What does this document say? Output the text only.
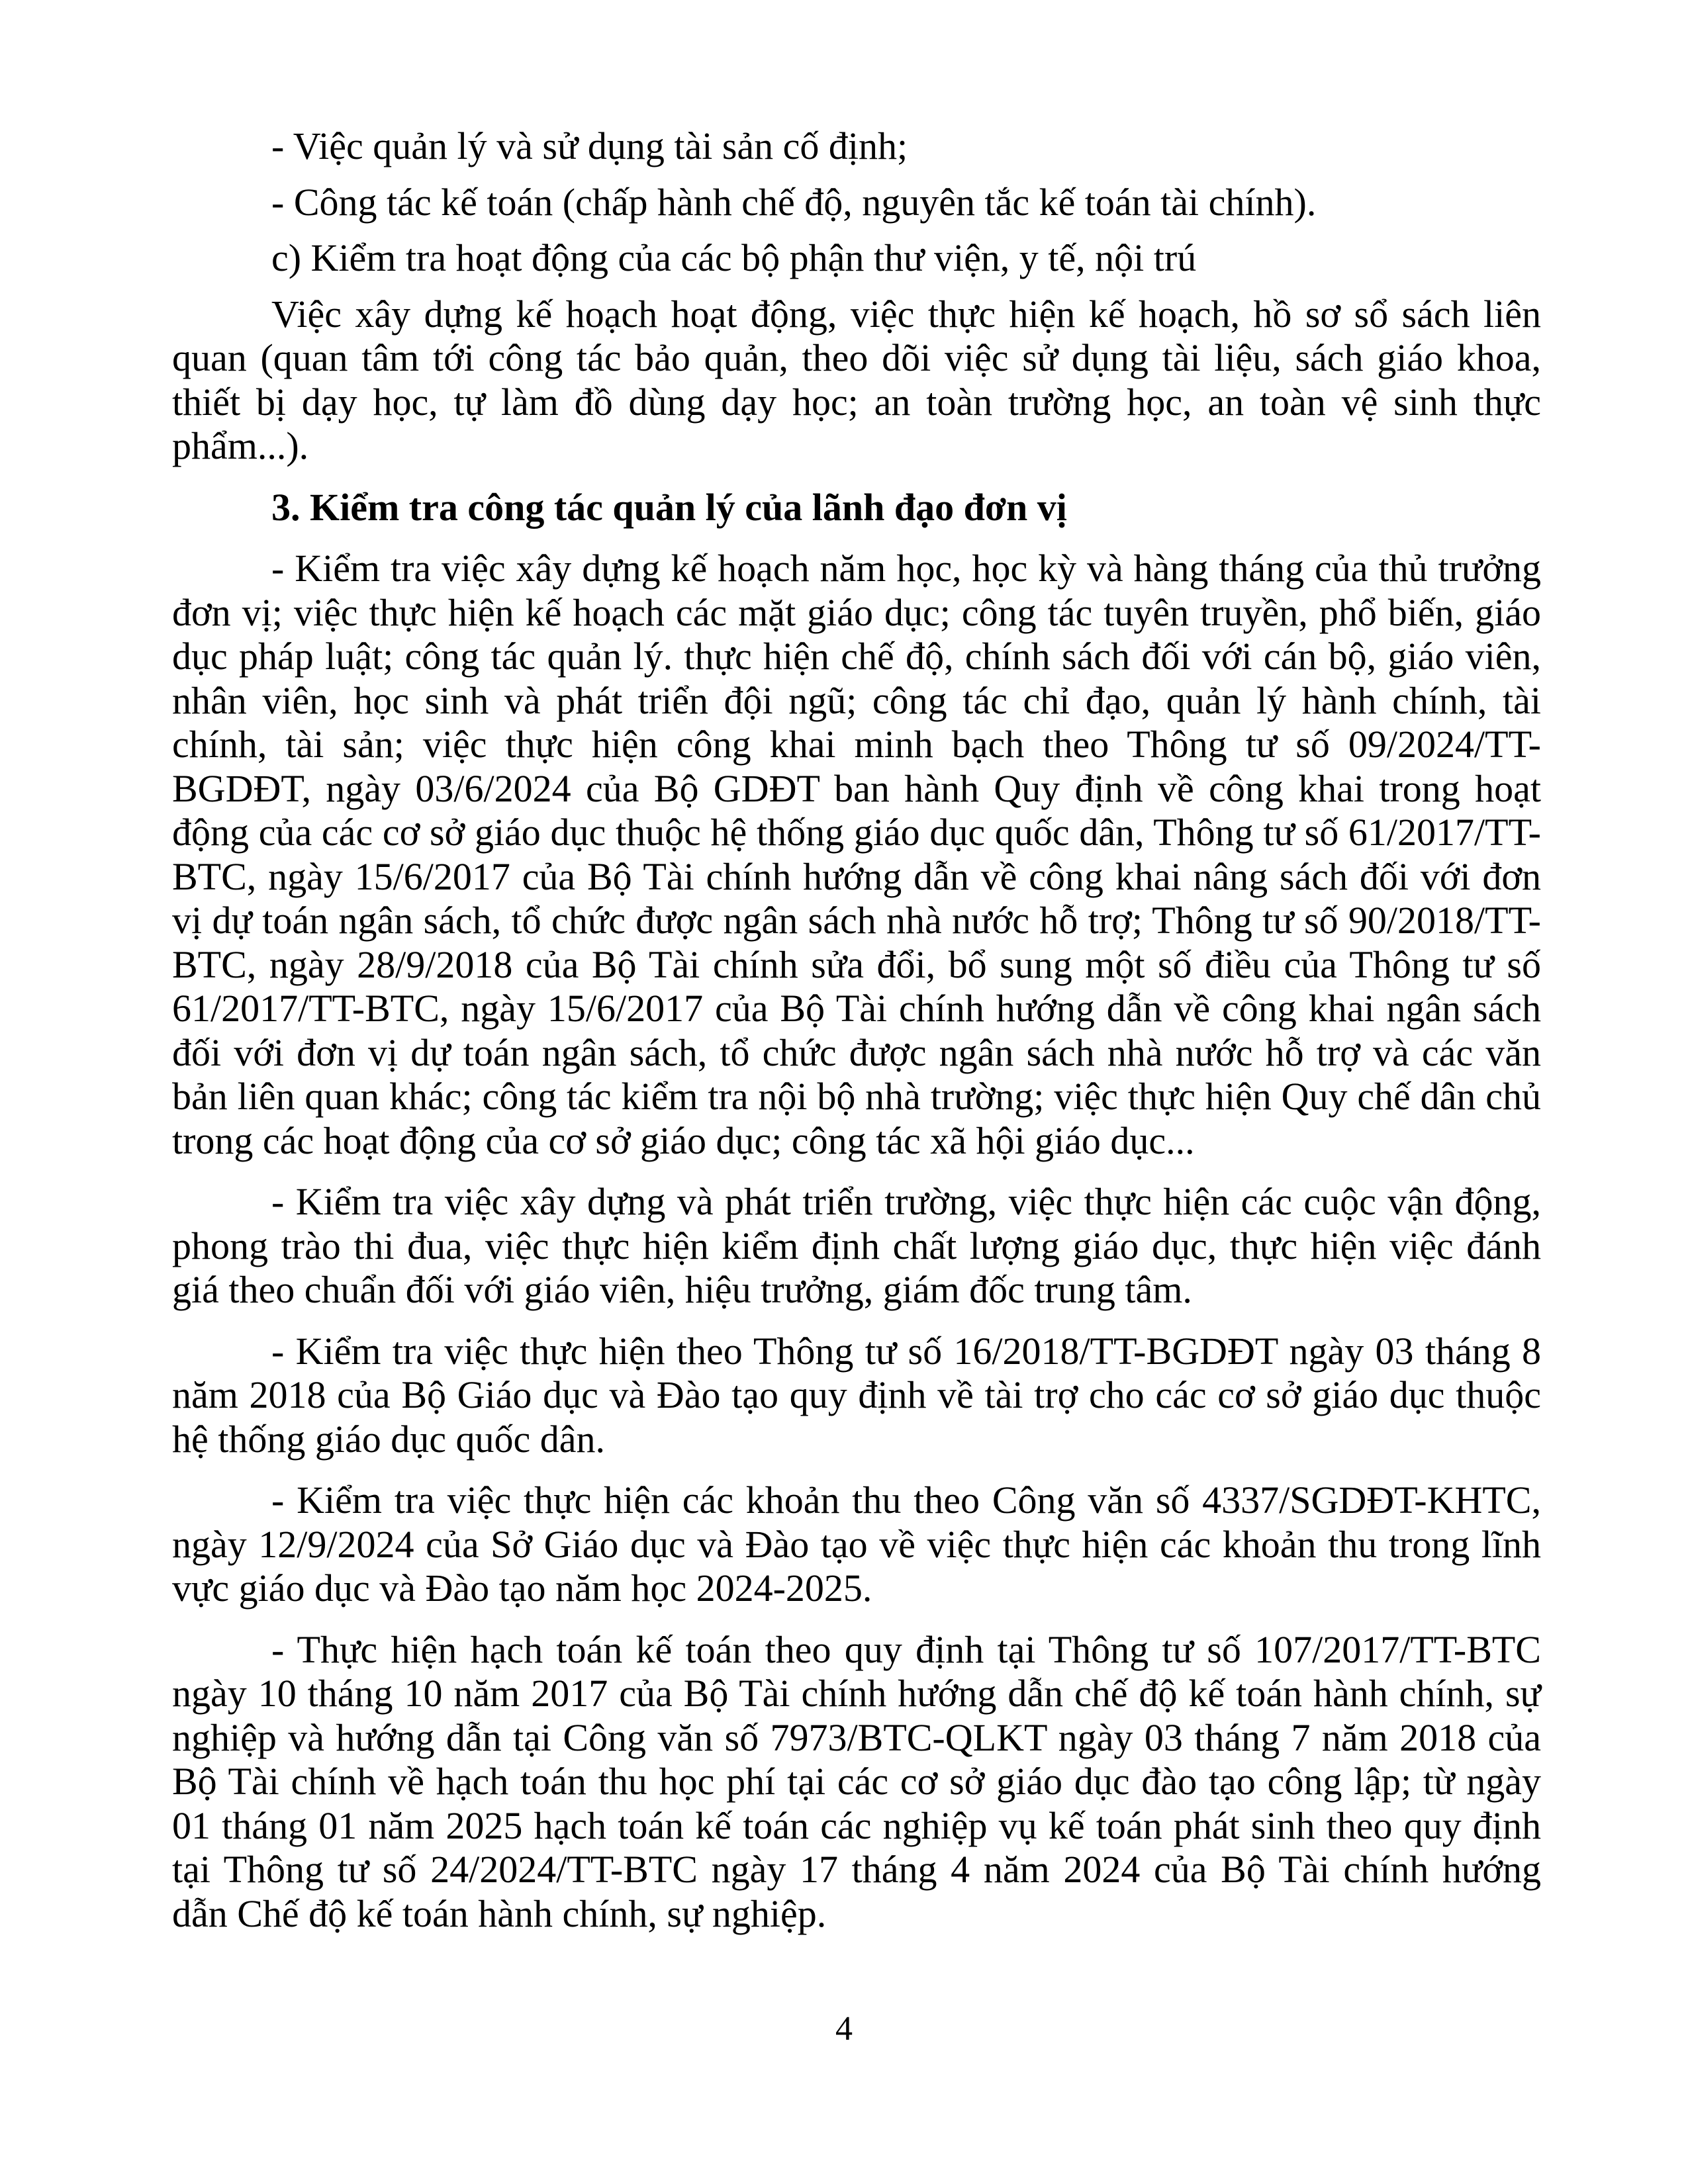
- Việc quản lý và sử dụng tài sản cố định;

- Công tác kế toán (chấp hành chế độ, nguyên tắc kế toán tài chính).

c) Kiểm tra hoạt động của các bộ phận thư viện, y tế, nội trú

Việc xây dựng kế hoạch hoạt động, việc thực hiện kế hoạch, hồ sơ sổ sách liên quan (quan tâm tới công tác bảo quản, theo dõi việc sử dụng tài liệu, sách giáo khoa, thiết bị dạy học, tự làm đồ dùng dạy học; an toàn trường học, an toàn vệ sinh thực phẩm...).

3. Kiểm tra công tác quản lý của lãnh đạo đơn vị

- Kiểm tra việc xây dựng kế hoạch năm học, học kỳ và hàng tháng của thủ trưởng đơn vị; việc thực hiện kế hoạch các mặt giáo dục; công tác tuyên truyền, phổ biến, giáo dục pháp luật; công tác quản lý. thực hiện chế độ, chính sách đối với cán bộ, giáo viên, nhân viên, học sinh và phát triển đội ngũ; công tác chỉ đạo, quản lý hành chính, tài chính, tài sản; việc thực hiện công khai minh bạch theo Thông tư số 09/2024/TT-BGDĐT, ngày 03/6/2024 của Bộ GDĐT ban hành Quy định về công khai trong hoạt động của các cơ sở giáo dục thuộc hệ thống giáo dục quốc dân, Thông tư số 61/2017/TT-BTC, ngày 15/6/2017 của Bộ Tài chính hướng dẫn về công khai nâng sách đối với đơn vị dự toán ngân sách, tổ chức được ngân sách nhà nước hỗ trợ; Thông tư số 90/2018/TT-BTC, ngày 28/9/2018 của Bộ Tài chính sửa đổi, bổ sung một số điều của Thông tư số 61/2017/TT-BTC, ngày 15/6/2017 của Bộ Tài chính hướng dẫn về công khai ngân sách đối với đơn vị dự toán ngân sách, tổ chức được ngân sách nhà nước hỗ trợ và các văn bản liên quan khác; công tác kiểm tra nội bộ nhà trường; việc thực hiện Quy chế dân chủ trong các hoạt động của cơ sở giáo dục; công tác xã hội giáo dục...

- Kiểm tra việc xây dựng và phát triển trường, việc thực hiện các cuộc vận động, phong trào thi đua, việc thực hiện kiểm định chất lượng giáo dục, thực hiện việc đánh giá theo chuẩn đối với giáo viên, hiệu trưởng, giám đốc trung tâm.

- Kiểm tra việc thực hiện theo Thông tư số 16/2018/TT-BGDĐT ngày 03 tháng 8 năm 2018 của Bộ Giáo dục và Đào tạo quy định về tài trợ cho các cơ sở giáo dục thuộc hệ thống giáo dục quốc dân.

- Kiểm tra việc thực hiện các khoản thu theo Công văn số 4337/SGDĐT-KHTC, ngày 12/9/2024 của Sở Giáo dục và Đào tạo về việc thực hiện các khoản thu trong lĩnh vực giáo dục và Đào tạo năm học 2024-2025.

- Thực hiện hạch toán kế toán theo quy định tại Thông tư số 107/2017/TT-BTC ngày 10 tháng 10 năm 2017 của Bộ Tài chính hướng dẫn chế độ kế toán hành chính, sự nghiệp và hướng dẫn tại Công văn số 7973/BTC-QLKT ngày 03 tháng 7 năm 2018 của Bộ Tài chính về hạch toán thu học phí tại các cơ sở giáo dục đào tạo công lập; từ ngày 01 tháng 01 năm 2025 hạch toán kế toán các nghiệp vụ kế toán phát sinh theo quy định tại Thông tư số 24/2024/TT-BTC ngày 17 tháng 4 năm 2024 của Bộ Tài chính hướng dẫn Chế độ kế toán hành chính, sự nghiệp.

4
